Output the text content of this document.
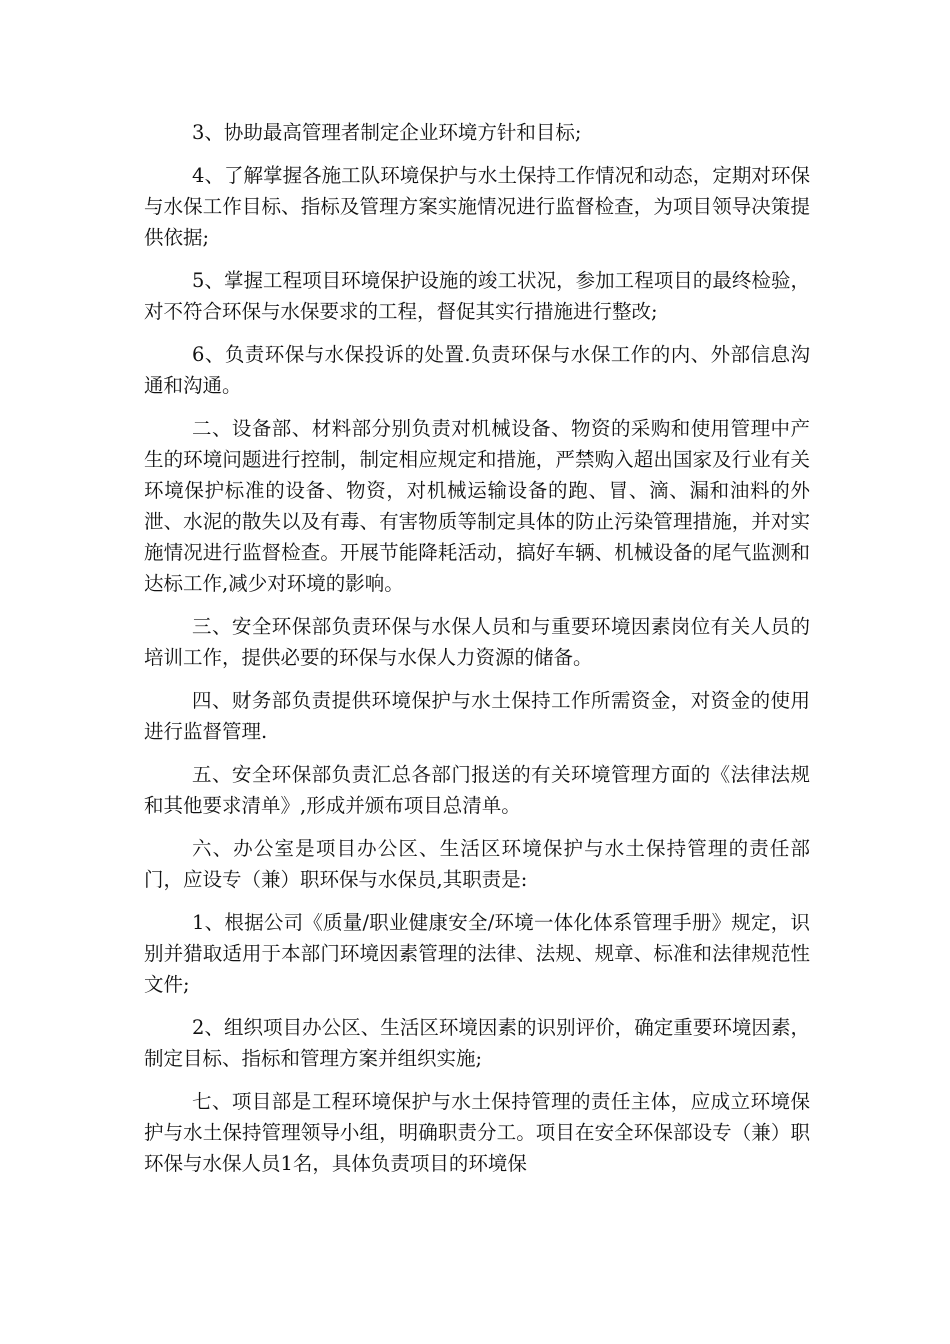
3、协助最高管理者制定企业环境方针和目标;

4、了解掌握各施工队环境保护与水土保持工作情况和动态，定期对环保与水保工作目标、指标及管理方案实施情况进行监督检查，为项目领导决策提供依据;

5、掌握工程项目环境保护设施的竣工状况，参加工程项目的最终检验，对不符合环保与水保要求的工程，督促其实行措施进行整改;

6、负责环保与水保投诉的处置.负责环保与水保工作的内、外部信息沟通和沟通。

二、设备部、材料部分别负责对机械设备、物资的采购和使用管理中产生的环境问题进行控制，制定相应规定和措施，严禁购入超出国家及行业有关环境保护标准的设备、物资，对机械运输设备的跑、冒、滴、漏和油料的外泄、水泥的散失以及有毒、有害物质等制定具体的防止污染管理措施，并对实施情况进行监督检查。开展节能降耗活动，搞好车辆、机械设备的尾气监测和达标工作,减少对环境的影响。

三、安全环保部负责环保与水保人员和与重要环境因素岗位有关人员的培训工作，提供必要的环保与水保人力资源的储备。

四、财务部负责提供环境保护与水土保持工作所需资金，对资金的使用进行监督管理.

五、安全环保部负责汇总各部门报送的有关环境管理方面的《法律法规和其他要求清单》,形成并颁布项目总清单。

六、办公室是项目办公区、生活区环境保护与水土保持管理的责任部门，应设专（兼）职环保与水保员,其职责是:

1、根据公司《质量/职业健康安全/环境一体化体系管理手册》规定，识别并猎取适用于本部门环境因素管理的法律、法规、规章、标准和法律规范性文件;

2、组织项目办公区、生活区环境因素的识别评价，确定重要环境因素，制定目标、指标和管理方案并组织实施;

七、项目部是工程环境保护与水土保持管理的责任主体，应成立环境保护与水土保持管理领导小组，明确职责分工。项目在安全环保部设专（兼）职环保与水保人员1名，具体负责项目的环境保
